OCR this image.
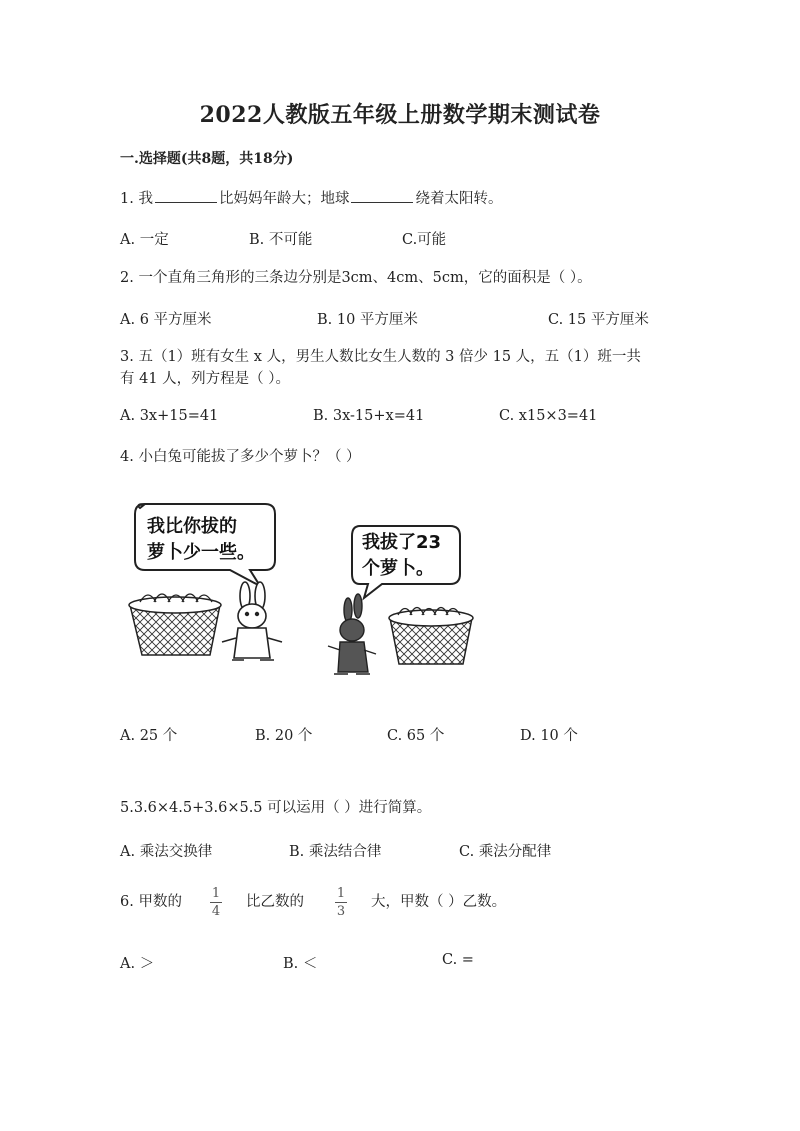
2022人教版五年级上册数学期末测试卷
一.选择题(共8题，共18分)
1. 我	比妈妈年龄大；地球	绕着太阳转。
A. 一定	B. 不可能	C.可能
2. 一个直角三角形的三条边分别是3cm、4cm、5cm，它的面积是（ ）。
A. 6 平方厘米	B. 10 平方厘米	C. 15 平方厘米
3. 五（1）班有女生 x 人，男生人数比女生人数的 3 倍少 15 人，五（1）班一共
有 41 人，列方程是（ ）。
A. 3x+15=41	B. 3x-15+x=41	C. x15×3=41
4. 小白兔可能拔了多少个萝卜？（ ）
我比你拔的
萝卜少一些。	我拔了23
个萝卜。
A. 25 个	B. 20 个	C. 65 个	D. 10 个
5.3.6×4.5+3.6×5.5 可以运用（ ）进行简算。
A. 乘法交换律	B. 乘法结合律	C. 乘法分配律
6. 甲数的
1
4
比乙数的
1
3
大，甲数（ ）乙数。
A. ＞	B. ＜	C. =
